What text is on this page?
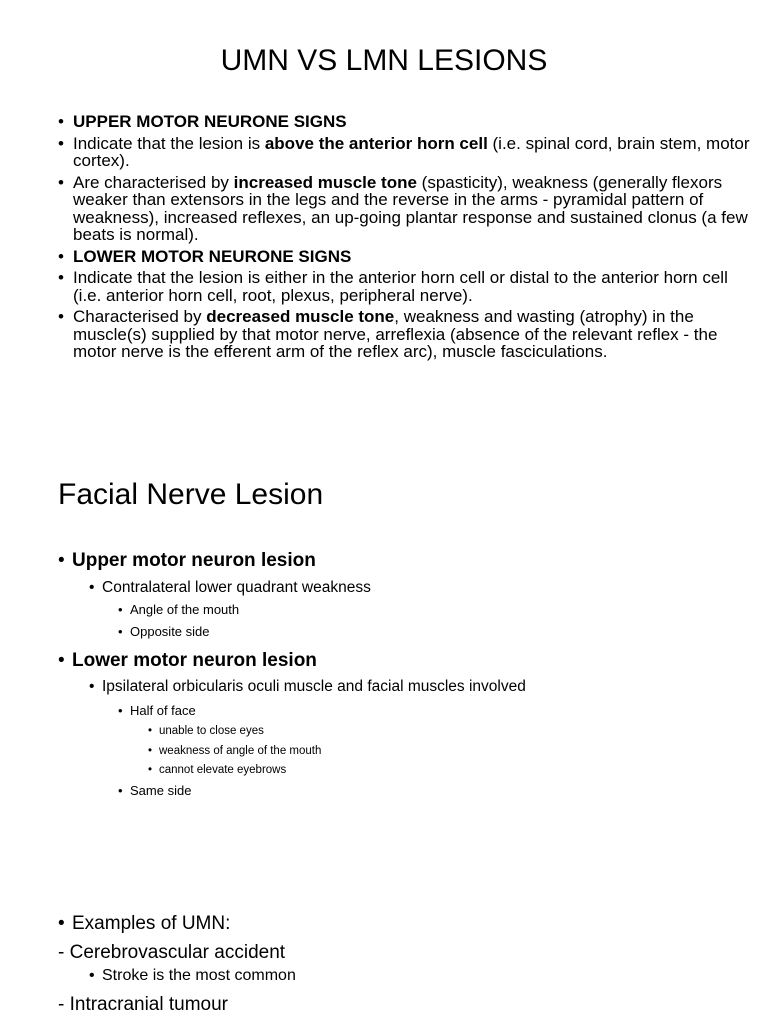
UMN VS LMN LESIONS
• UPPER MOTOR NEURONE SIGNS
• Indicate that the lesion is above the anterior horn cell (i.e. spinal cord, brain stem, motor cortex).
• Are characterised by increased muscle tone (spasticity), weakness (generally flexors weaker than extensors in the legs and the reverse in the arms - pyramidal pattern of weakness), increased reflexes, an up-going plantar response and sustained clonus (a few beats is normal).
• LOWER MOTOR NEURONE SIGNS
• Indicate that the lesion is either in the anterior horn cell or distal to the anterior horn cell (i.e. anterior horn cell, root, plexus, peripheral nerve).
• Characterised by decreased muscle tone, weakness and wasting (atrophy) in the muscle(s) supplied by that motor nerve, arreflexia (absence of the relevant reflex - the motor nerve is the efferent arm of the reflex arc), muscle fasciculations.
Facial Nerve Lesion
• Upper motor neuron lesion
• Contralateral lower quadrant weakness
• Angle of the mouth
• Opposite side
• Lower motor neuron lesion
• Ipsilateral orbicularis oculi muscle and facial muscles involved
• Half of face
• unable to close eyes
• weakness of angle of the mouth
• cannot elevate eyebrows
• Same side
• Examples of UMN:
- Cerebrovascular accident
• Stroke is the most common
- Intracranial tumour
